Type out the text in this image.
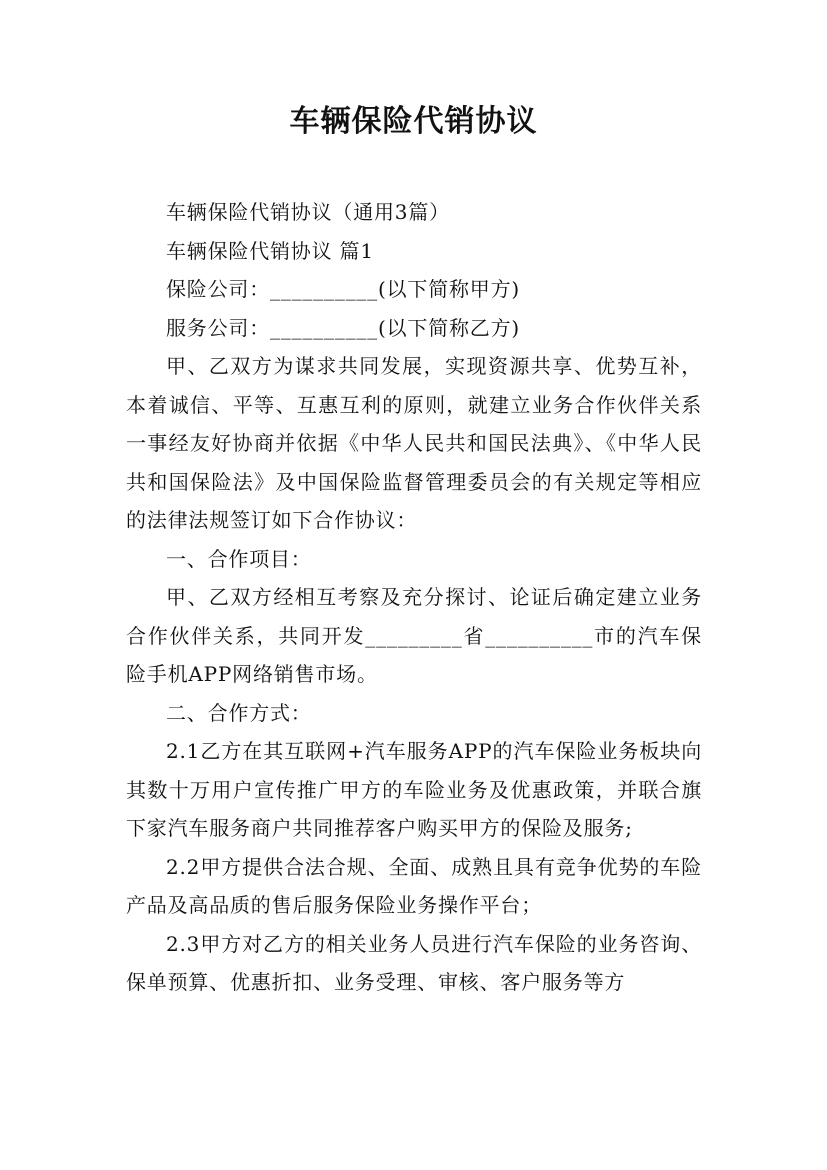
车辆保险代销协议

车辆保险代销协议（通用3篇）

车辆保险代销协议 篇1

保险公司：__________(以下简称甲方)

服务公司：__________(以下简称乙方)

甲、乙双方为谋求共同发展，实现资源共享、优势互补，本着诚信、平等、互惠互利的原则，就建立业务合作伙伴关系一事经友好协商并依据《中华人民共和国民法典》、《中华人民共和国保险法》及中国保险监督管理委员会的有关规定等相应的法律法规签订如下合作协议：

一、合作项目：

甲、乙双方经相互考察及充分探讨、论证后确定建立业务合作伙伴关系，共同开发_________省__________市的汽车保险手机APP网络销售市场。

二、合作方式：

2.1乙方在其互联网+汽车服务APP的汽车保险业务板块向其数十万用户宣传推广甲方的车险业务及优惠政策，并联合旗下家汽车服务商户共同推荐客户购买甲方的保险及服务;

2.2甲方提供合法合规、全面、成熟且具有竞争优势的车险产品及高品质的售后服务保险业务操作平台；

2.3甲方对乙方的相关业务人员进行汽车保险的业务咨询、保单预算、优惠折扣、业务受理、审核、客户服务等方
